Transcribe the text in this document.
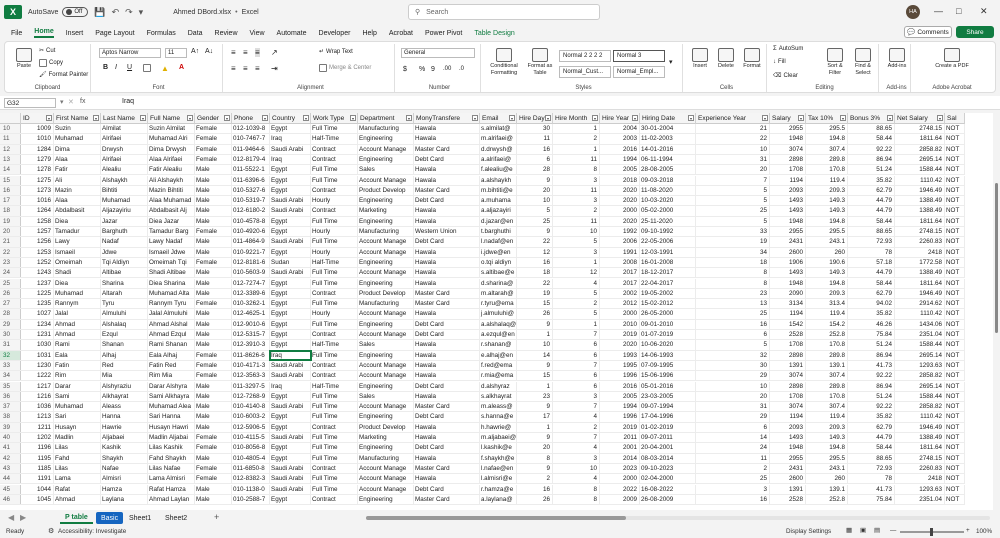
X	AutoSave	Off 💾 ↶ ↷ ▾	Ahmed DBord.xlsx • Excel	⚲ Search	HA	— □ ✕
File Home Insert Page Layout Formulas Data Review View Automate Developer Help Acrobat Power Pivot Table Design	💬 Comments	Share
Paste
✂ Cut
Copy
🖌 Format Painter
Clipboard
Aptos Narrow	11	A↑ A↓
B I U	▲ A
Font
≡ ≡ ≡ ↗
≡ ≡ ≡ ⇥
↵ Wrap Text
Merge & Center
Alignment
General
$ % 9 .00 .0
Number
Conditional Formatting
Format as Table
Normal 2 2 2 2	Normal 3
Normal_Cust...	Normal_Empl...
▾
Styles
Insert	Delete	Format
Cells
Σ AutoSum
↓ Fill
⌫ Clear
Sort & Filter
Find & Select
Editing
Add-ins
Add-ins
Create a PDF
Adobe Acrobat
G32	▾ ✕ fx	Iraq
ID	▾ First Name	▾ Last Name	▾ Full Name	▾ Gender	▾ Phone	▾ Country	▾ Work Type	▾ Department	▾ MonyTransfere	▾ Email	▾ Hire Day ▾ Hire Month	▾ Hire Year	▾ Hiring Date	▾ Experience Year	▾ Salary	▾ Tax 10%	▾ Bonus 3%	▾ Net Salary	▾ Sal
10	1009 Suzin	Almilat	Suzin Almilat	Female	012-1039-8 Egypt	Full Time	Manufacturing	Hawala	s.almilat@	30	1	2004 30-01-2004	21	2955	295.5	88.65	2748.15 NOT
11	1010 Muhamad	Alrifaei	Muhamad Alri	Female	010-7467-7 Iraq	Half-Time	Engineering	Hawala	m.alrifaei@	11	2	2003 11-02-2003	22	1948	194.8	58.44	1811.64 NOT
12	1284 Dima	Drwysh	Dima Drwysh	Female	011-9464-6 Saudi Arabi	Contract	Account Manage	Master Card	d.drwysh@	16	1	2016 14-01-2016	10	3074	307.4	92.22	2858.82 NOT
13	1279 Alaa	Alrifaei	Alaa Alrifaei	Female	012-8179-4 Iraq	Contract	Engineering	Debt Card	a.alrifaei@	6	11	1994 06-11-1994	31	2898	289.8	86.94	2695.14 NOT
14	1278 Fatir	Alealiu	Fatir Alealiu	Male	011-5522-1 Egypt	Full Time	Sales	Hawala	f.alealiu@e	28	8	2005 28-08-2005	20	1708	170.8	51.24	1588.44 NOT
15	1275 Ali	Alshaykh	Ali Alshaykh	Male	011-6396-6 Egypt	Full Time	Account Manage	Hawala	a.alshaykh	9	3	2018 09-03-2018	7	1194	119.4	35.82	1110.42 NOT
16	1273 Mazin	Bihtiti	Mazin Bihtiti	Male	010-5327-6 Egypt	Contract	Product Develop	Master Card	m.bihtiti@e	20	11	2020 11-08-2020	5	2093	209.3	62.79	1946.49 NOT
17	1016 Alaa	Muhamad	Alaa Muhamad Male	010-5319-7 Saudi Arabi	Hourly	Engineering	Debt Card	a.muhama	10	3	2020 10-03-2020	5	1493	149.3	44.79	1388.49 NOT
18	1264 Abdalbasit	Aljazayiriu	Abdalbasit Alj	Male	012-6180-2 Saudi Arabi	Contract	Marketing	Hawala	a.aljazayiri	5	2	2000 05-02-2000	25	1493	149.3	44.79	1388.49 NOT
19	1258 Diea	Jazar	Diea Jazar	Male	010-4578-8 Egypt	Full Time	Engineering	Hawala	d.jazar@en	25	11	2020 25-11-2020	5	1948	194.8	58.44	1811.64 NOT
20	1257 Tamadur	Barghuth	Tamadur Barg	Female	010-4920-6 Egypt	Hourly	Manufacturing	Western Union	t.barghuthi	9	10	1992 09-10-1992	33	2955	295.5	88.65	2748.15 NOT
21	1256 Lawy	Nadaf	Lawy Nadaf	Male	011-4864-9 Saudi Arabi	Full Time	Account Manage	Debt Card	l.nadaf@en	22	5	2006 22-05-2006	19	2431	243.1	72.93	2260.83 NOT
22	1253 Ismaeil	Jdwe	Ismaeil Jdwe	Male	010-9221-7 Egypt	Hourly	Account Manage	Hawala	i.jdwe@en	12	3	1991 12-03-1991	34	2600	260	78	2418 NOT
23	1252 Omeimah	Tqi Aldiyn	Omeimah Tqi	Female	012-8181-6 Sudan	Half-Time	Engineering	Hawala	o.tqi aldiyn	16	1	2008 16-01-2008	18	1906	190.6	57.18	1772.58 NOT
24	1243 Shadi	Altibae	Shadi Altibae	Male	010-5603-9 Saudi Arabi	Full Time	Account Manage	Hawala	s.altibae@e	18	12	2017 18-12-2017	8	1493	149.3	44.79	1388.49 NOT
25	1237 Diea	Sharina	Diea Sharina	Male	012-7274-7 Egypt	Full Time	Engineering	Hawala	d.sharina@	22	4	2017 22-04-2017	8	1948	194.8	58.44	1811.64 NOT
26	1225 Muhamad	Altarah	Muhamad Alta	Male	012-3389-6 Egypt	Contract	Product Develop	Master Card	m.altarah@	19	5	2002 19-05-2002	23	2090	209.3	62.79	1946.49 NOT
27	1235 Rannym	Tyru	Rannym Tyru	Female	010-3262-1 Egypt	Full Time	Manufacturing	Master Card	r.tyru@ema	15	2	2012 15-02-2012	13	3134	313.4	94.02	2914.62 NOT
28	1027 Jalal	Almuluhi	Jalal Almuluhi	Male	012-4625-1 Egypt	Hourly	Account Manage	Hawala	j.almuluhi@	26	5	2000 26-05-2000	25	1194	119.4	35.82	1110.42 NOT
29	1234 Ahmad	Alshalaq	Ahmad Alshal	Male	012-9010-6 Egypt	Full Time	Engineering	Debt Card	a.alshalaq@	9	1	2010 09-01-2010	16	1542	154.2	46.26	1434.06 NOT
30	1231 Ahmad	Ezqul	Ahmad Ezqul	Male	012-5315-7 Egypt	Contract	Account Manage	Debt Card	a.ezqul@en	1	7	2019 01-07-2019	6	2528	252.8	75.84	2351.04 NOT
31	1030 Rami	Shanan	Rami Shanan	Male	012-3910-3 Egypt	Half-Time	Sales	Hawala	r.shanan@	10	6	2020 10-06-2020	5	1708	170.8	51.24	1588.44 NOT
32	1031 Eala	Alhaj	Eala Alhaj	Female	011-8626-6 Iraq	Full Time	Engineering	Hawala	e.alhaj@en	14	6	1993 14-06-1993	32	2898	289.8	86.94	2695.14 NOT
33	1230 Fatin	Red	Fatin Red	Female	010-4171-3 Saudi Arabi	Contract	Account Manage	Hawala	f.red@ema	9	7	1995 07-09-1995	30	1391	139.1	41.73	1293.63 NOT
34	1222 Rim	Mia	Rim Mia	Female	012-3563-3 Saudi Arabi	Contract	Account Manage	Hawala	r.mia@ema	15	6	1996 15-06-1996	29	3074	307.4	92.22	2858.82 NOT
35	1217 Darar	Alshyraziu	Darar Alshyra	Male	011-3297-5 Iraq	Half-Time	Engineering	Debt Card	d.alshyraz	1	6	2016 05-01-2016	10	2898	289.8	86.94	2695.14 NOT
36	1216 Sami	Alkhayrat	Sami Alkhayra	Male	012-7268-9 Egypt	Full Time	Sales	Hawala	s.alkhayrat	23	3	2005 23-03-2005	20	1708	170.8	51.24	1588.44 NOT
37	1036 Muhamad	Aleass	Muhamad Alea Male	010-4140-8 Saudi Arabi	Full Time	Account Manage	Master Card	m.aleass@	9	7	1994 09-07-1994	31	3074	307.4	92.22	2858.82 NOT
38	1213 Sari	Hanna	Sari Hanna	Male	010-6003-2 Egypt	Full Time	Engineering	Debt Card	s.hanna@e	17	4	1996 17-04-1996	29	1194	119.4	35.82	1110.42 NOT
39	1211 Husayn	Hawrie	Husayn Hawri	Male	012-5906-5 Egypt	Contract	Product Develop	Hawala	h.hawrie@	1	2	2019 01-02-2019	6	2093	209.3	62.79	1946.49 NOT
40	1202 Madlin	Aljabaei	Madlin Aljabai	Female	010-4115-5 Saudi Arabi	Full Time	Marketing	Hawala	m.aljabaei@	9	7	2011 09-07-2011	14	1493	149.3	44.79	1388.49 NOT
41	1196 Lilas	Kashik	Lilas Kashik	Female	010-8056-8 Egypt	Full Time	Engineering	Debt Card	l.kashik@e	20	4	2001 20-04-2001	24	1948	194.8	58.44	1811.64 NOT
42	1195 Fahd	Shaykh	Fahd Shaykh	Male	010-4805-4 Egypt	Full Time	Manufacturing	Hawala	f.shaykh@e	8	3	2014 08-03-2014	11	2955	295.5	88.65	2748.15 NOT
43	1185 Lilas	Nafae	Lilas Nafae	Female	011-6850-8 Saudi Arabi	Contract	Account Manage	Master Card	l.nafae@en	9	10	2023 09-10-2023	2	2431	243.1	72.93	2260.83 NOT
44	1191 Lama	Almisri	Lama Almisri	Female	012-8382-3 Saudi Arabi	Full Time	Account Manage	Hawala	l.almisri@e	2	4	2000 02-04-2000	25	2600	260	78	2418 NOT
45	1044 Rafat	Hamza	Rafat Hamza	Male	010-1138-0 Saudi Arabi	Full Time	Account Manage	Debt Card	r.hamza@e	16	8	2022 16-08-2022	3	1391	139.1	41.73	1293.63 NOT
46	1045 Ahmad	Laylana	Ahmad Laylan	Male	010-2588-7 Egypt	Contract	Engineering	Master Card	a.laylana@	26	8	2009 26-08-2009	16	2528	252.8	75.84	2351.04 NOT
◀ ▶	P table	Basic	Sheet1	Sheet2	+
Ready	⚙ Accessibility: Investigate	Display Settings ▦ ▣ ▤ —	+ 100%
